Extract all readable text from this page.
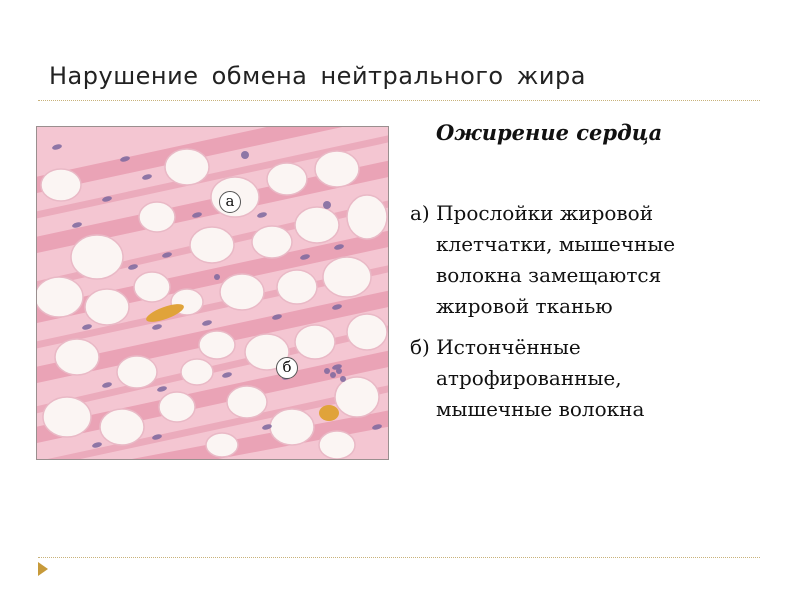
Нарушение обмена нейтрального жира
а
б
Ожирение сердца
а) Прослойки жировой клетчатки, мышечные волокна замещаются жировой тканью
б) Истончённые атрофированные, мышечные волокна
